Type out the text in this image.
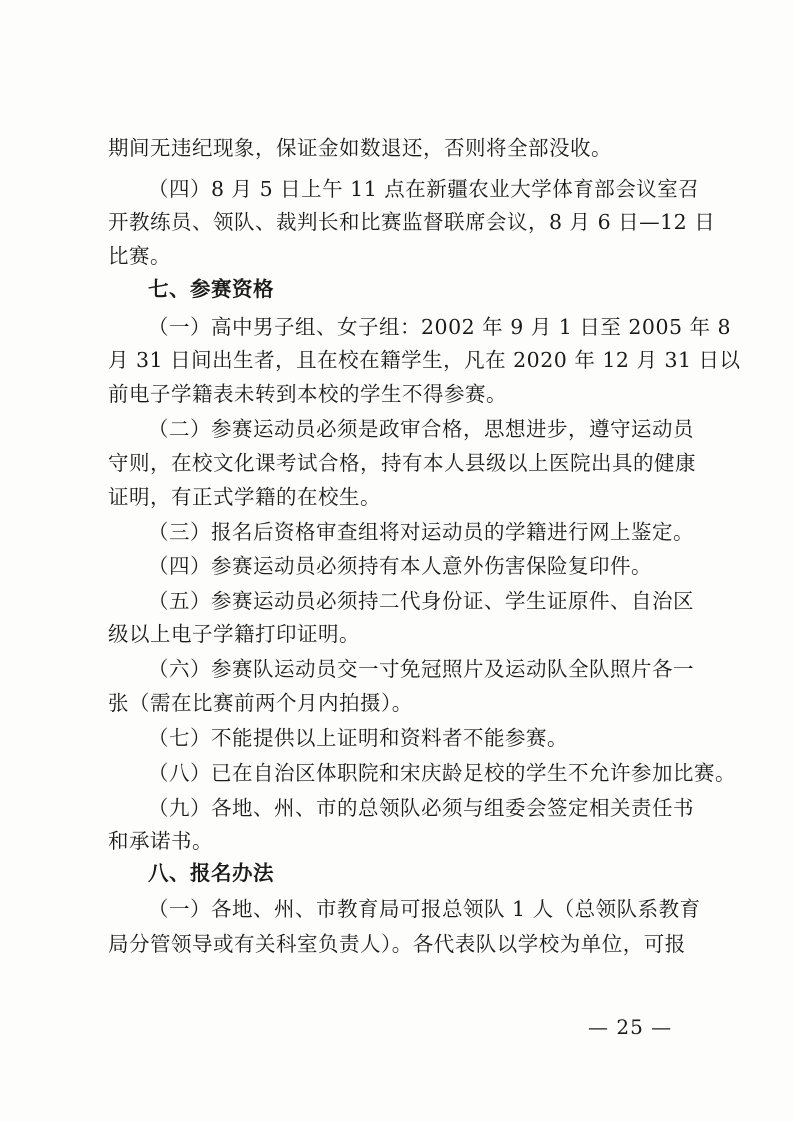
期间无违纪现象，保证金如数退还，否则将全部没收。
（四）8 月 5 日上午 11 点在新疆农业大学体育部会议室召
开教练员、领队、裁判长和比赛监督联席会议，8 月 6 日—12 日
比赛。
七、参赛资格
（一）高中男子组、女子组：2002 年 9 月 1 日至 2005 年 8
月 31 日间出生者，且在校在籍学生，凡在 2020 年 12 月 31 日以
前电子学籍表未转到本校的学生不得参赛。
（二）参赛运动员必须是政审合格，思想进步，遵守运动员
守则，在校文化课考试合格，持有本人县级以上医院出具的健康
证明，有正式学籍的在校生。
（三）报名后资格审查组将对运动员的学籍进行网上鉴定。
（四）参赛运动员必须持有本人意外伤害保险复印件。
（五）参赛运动员必须持二代身份证、学生证原件、自治区
级以上电子学籍打印证明。
（六）参赛队运动员交一寸免冠照片及运动队全队照片各一
张（需在比赛前两个月内拍摄）。
（七）不能提供以上证明和资料者不能参赛。
（八）已在自治区体职院和宋庆龄足校的学生不允许参加比赛。
（九）各地、州、市的总领队必须与组委会签定相关责任书
和承诺书。
八、报名办法
（一）各地、州、市教育局可报总领队 1 人（总领队系教育
局分管领导或有关科室负责人）。各代表队以学校为单位，可报
— 25 —
